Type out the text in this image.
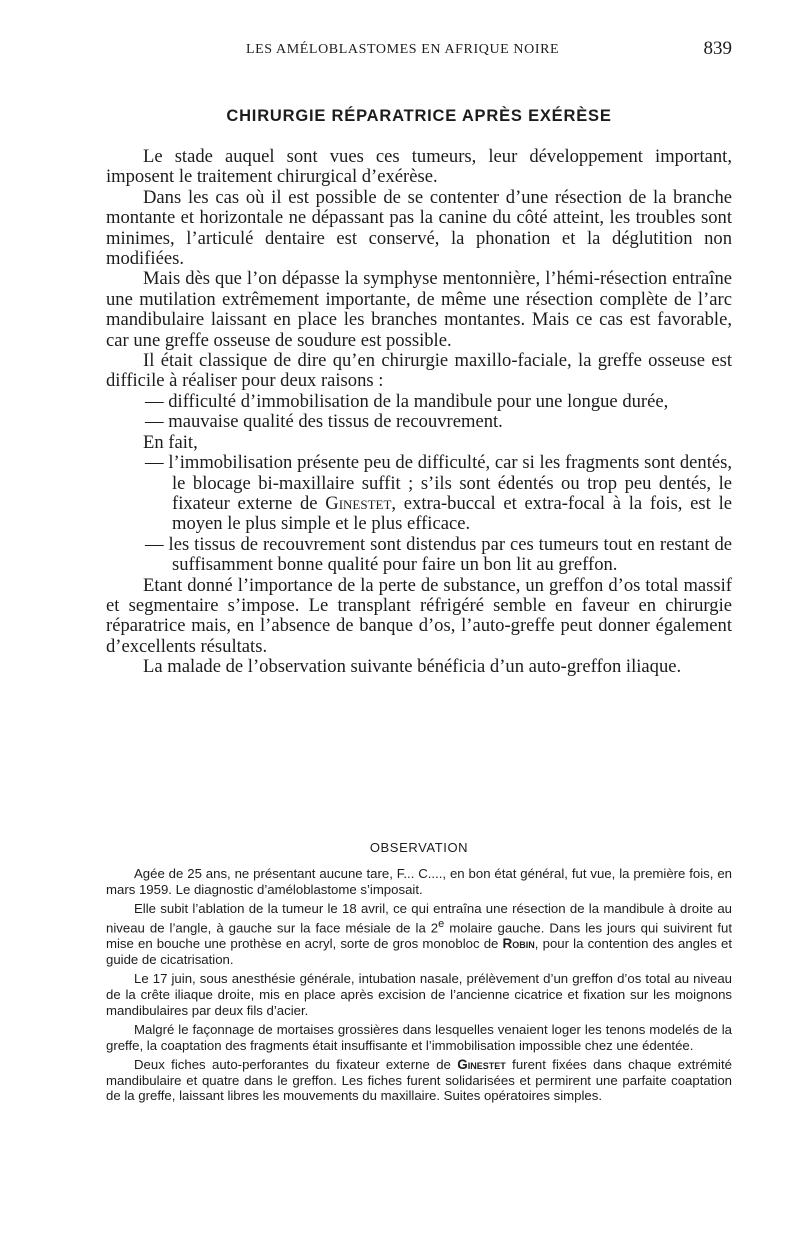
LES AMÉLOBLASTOMES EN AFRIQUE NOIRE	839
CHIRURGIE RÉPARATRICE APRÈS EXÉRÈSE

Le stade auquel sont vues ces tumeurs, leur développement important, imposent le traitement chirurgical d’exérèse.

Dans les cas où il est possible de se contenter d’une résection de la branche montante et horizontale ne dépassant pas la canine du côté atteint, les troubles sont minimes, l’articulé dentaire est conservé, la phonation et la déglutition non modifiées.

Mais dès que l’on dépasse la symphyse mentonnière, l’hémi-résection entraîne une mutilation extrêmement importante, de même une résection complète de l’arc mandibulaire laissant en place les branches montantes. Mais ce cas est favorable, car une greffe osseuse de soudure est possible.

Il était classique de dire qu’en chirurgie maxillo-faciale, la greffe osseuse est difficile à réaliser pour deux raisons :

— difficulté d’immobilisation de la mandibule pour une longue durée,

— mauvaise qualité des tissus de recouvrement.

En fait,

— l’immobilisation présente peu de difficulté, car si les fragments sont dentés, le blocage bi-maxillaire suffit ; s’ils sont édentés ou trop peu dentés, le fixateur externe de Ginestet, extra-buccal et extra-focal à la fois, est le moyen le plus simple et le plus efficace.

— les tissus de recouvrement sont distendus par ces tumeurs tout en restant de suffisamment bonne qualité pour faire un bon lit au greffon.

Etant donné l’importance de la perte de substance, un greffon d’os total massif et segmentaire s’impose. Le transplant réfrigéré semble en faveur en chirurgie réparatrice mais, en l’absence de banque d’os, l’auto-greffe peut donner également d’excellents résultats.

La malade de l’observation suivante bénéficia d’un auto-greffon iliaque.

OBSERVATION

Agée de 25 ans, ne présentant aucune tare, F... C...., en bon état général, fut vue, la première fois, en mars 1959. Le diagnostic d’améloblastome s’imposait.

Elle subit l’ablation de la tumeur le 18 avril, ce qui entraîna une résection de la mandibule à droite au niveau de l’angle, à gauche sur la face mésiale de la 2e molaire gauche. Dans les jours qui suivirent fut mise en bouche une prothèse en acryl, sorte de gros monobloc de Robin, pour la contention des angles et guide de cicatrisation.

Le 17 juin, sous anesthésie générale, intubation nasale, prélèvement d’un greffon d’os total au niveau de la crête iliaque droite, mis en place après excision de l’ancienne cicatrice et fixation sur les moignons mandibulaires par deux fils d’acier.

Malgré le façonnage de mortaises grossières dans lesquelles venaient loger les tenons modelés de la greffe, la coaptation des fragments était insuffisante et l’immobilisation impossible chez une édentée.

Deux fiches auto-perforantes du fixateur externe de Ginestet furent fixées dans chaque extrémité mandibulaire et quatre dans le greffon. Les fiches furent solidarisées et permirent une parfaite coaptation de la greffe, laissant libres les mouvements du maxillaire. Suites opératoires simples.
